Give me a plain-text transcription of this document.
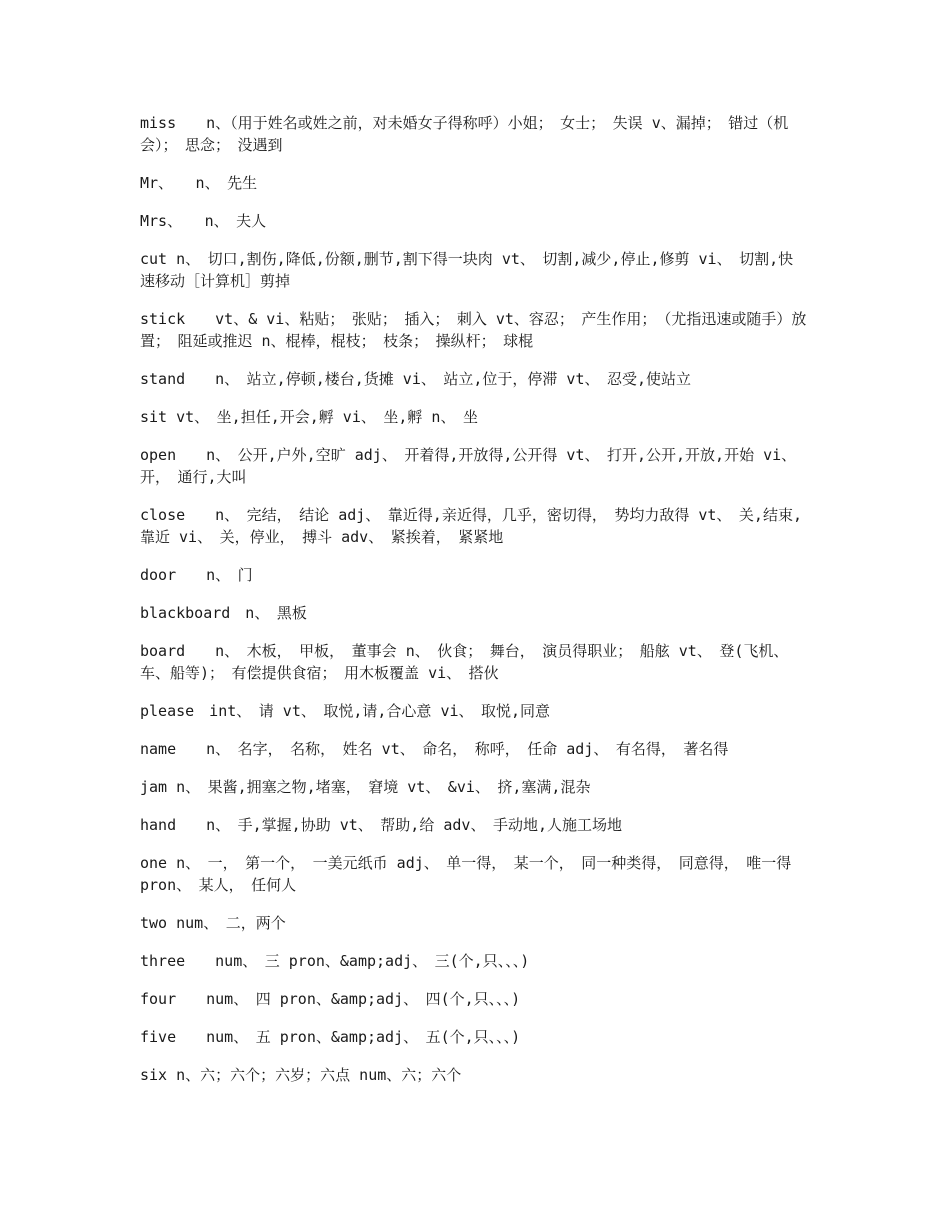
miss　　n、（用于姓名或姓之前，对未婚女子得称呼）小姐；　女士；　失误 v、漏掉；　错过（机会）；　思念；　没遇到

Mr、　　n、　先生

Mrs、　　n、　夫人

cut n、　切口,割伤,降低,份额,删节,割下得一块肉 vt、　切割,减少,停止,修剪 vi、　切割,快速移动［计算机］剪掉

stick　　vt、& vi、粘贴；　张贴；　插入；　刺入 vt、容忍；　产生作用；　（尤指迅速或随手）放置；　阻延或推迟 n、棍棒，棍枝；　枝条；　操纵杆；　球棍

stand　　n、　站立,停顿,楼台,货摊 vi、　站立,位于，停滞 vt、　忍受,使站立

sit vt、　坐,担任,开会,孵 vi、　坐,孵 n、　坐

open　　n、　公开,户外,空旷 adj、　开着得,开放得,公开得 vt、　打开,公开,开放,开始 vi、　开，　通行,大叫

close　　n、　完结，　结论 adj、　靠近得,亲近得，几乎，密切得，　势均力敌得 vt、　关,结束,靠近 vi、　关，停业，　搏斗 adv、　紧挨着，　紧紧地

door　　n、　门

blackboard　n、　黑板

board　　n、　木板，　甲板，　董事会 n、　伙食；　舞台，　演员得职业；　船舷 vt、　登(飞机、车、船等)；　有偿提供食宿；　用木板覆盖 vi、　搭伙

please　int、　请 vt、　取悦,请,合心意 vi、　取悦,同意

name　　n、　名字，　名称，　姓名 vt、　命名，　称呼，　任命 adj、　有名得，　著名得

jam n、　果酱,拥塞之物,堵塞，　窘境 vt、　&vi、　挤,塞满,混杂

hand　　n、　手,掌握,协助 vt、　帮助,给 adv、　手动地,人施工场地

one n、　一，　第一个，　一美元纸币 adj、　单一得，　某一个，　同一种类得，　同意得，　唯一得 pron、　某人，　任何人

two num、　二，两个

three　　num、　三 pron、&amp;adj、　三(个,只、、、)

four　　num、　四 pron、&amp;adj、　四(个,只、、、)

five　　num、　五 pron、&amp;adj、　五(个,只、、、)

six n、六；六个；六岁；六点 num、六；六个
